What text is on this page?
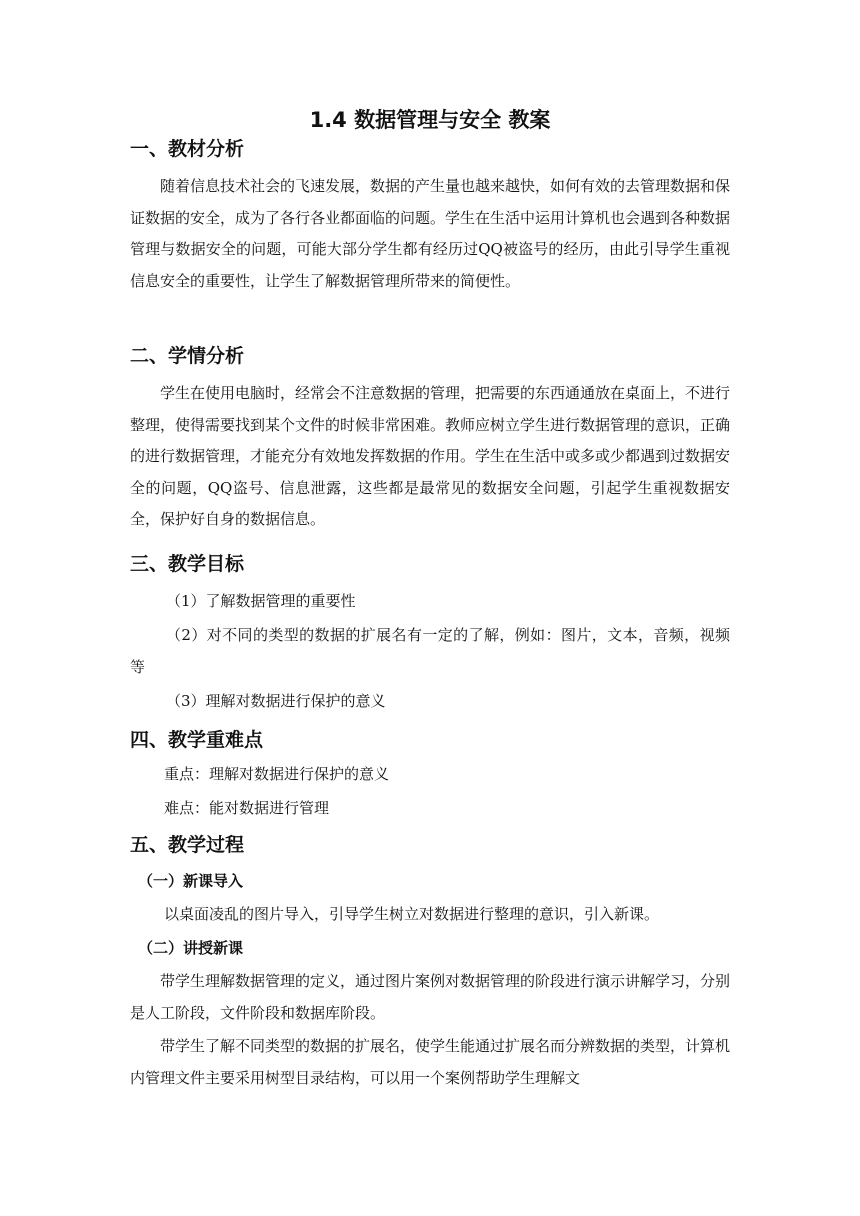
1.4 数据管理与安全 教案
一、教材分析

随着信息技术社会的飞速发展，数据的产生量也越来越快，如何有效的去管理数据和保证数据的安全，成为了各行各业都面临的问题。学生在生活中运用计算机也会遇到各种数据管理与数据安全的问题，可能大部分学生都有经历过QQ被盗号的经历，由此引导学生重视信息安全的重要性，让学生了解数据管理所带来的简便性。

二、学情分析

学生在使用电脑时，经常会不注意数据的管理，把需要的东西通通放在桌面上，不进行整理，使得需要找到某个文件的时候非常困难。教师应树立学生进行数据管理的意识，正确的进行数据管理，才能充分有效地发挥数据的作用。学生在生活中或多或少都遇到过数据安全的问题，QQ盗号、信息泄露，这些都是最常见的数据安全问题，引起学生重视数据安全，保护好自身的数据信息。

三、教学目标

（1）了解数据管理的重要性

（2）对不同的类型的数据的扩展名有一定的了解，例如：图片，文本，音频，视频等

（3）理解对数据进行保护的意义

四、教学重难点

重点：理解对数据进行保护的意义

难点：能对数据进行管理

五、教学过程
（一）新课导入

以桌面凌乱的图片导入，引导学生树立对数据进行整理的意识，引入新课。

（二）讲授新课

带学生理解数据管理的定义，通过图片案例对数据管理的阶段进行演示讲解学习，分别是人工阶段，文件阶段和数据库阶段。

带学生了解不同类型的数据的扩展名，使学生能通过扩展名而分辨数据的类型，计算机内管理文件主要采用树型目录结构，可以用一个案例帮助学生理解文
